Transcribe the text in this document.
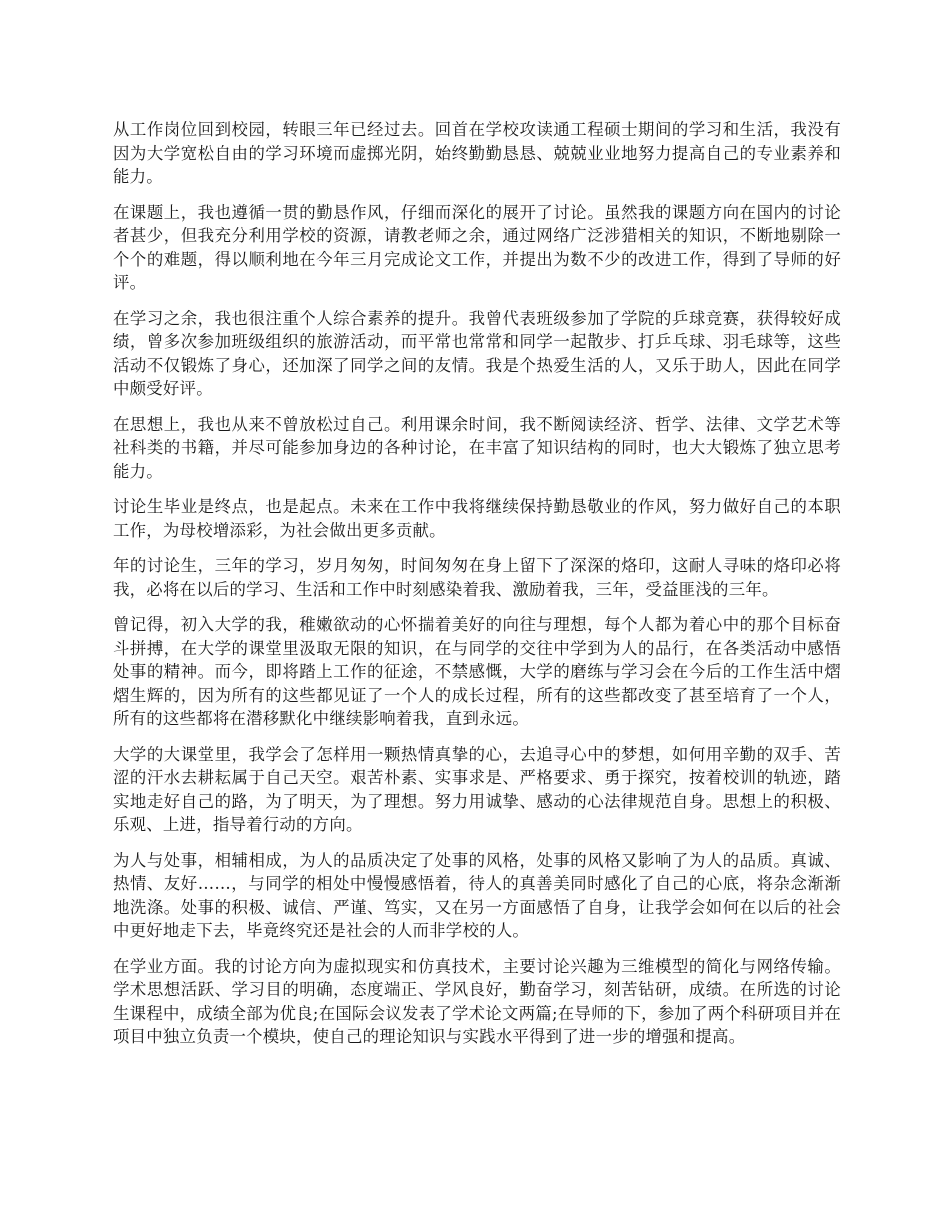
从工作岗位回到校园，转眼三年已经过去。回首在学校攻读通工程硕士期间的学习和生活，我没有因为大学宽松自由的学习环境而虚掷光阴，始终勤勤恳恳、兢兢业业地努力提高自己的专业素养和能力。

在课题上，我也遵循一贯的勤恳作风，仔细而深化的展开了讨论。虽然我的课题方向在国内的讨论者甚少，但我充分利用学校的资源，请教老师之余，通过网络广泛涉猎相关的知识，不断地剔除一个个的难题，得以顺利地在今年三月完成论文工作，并提出为数不少的改进工作，得到了导师的好评。

在学习之余，我也很注重个人综合素养的提升。我曾代表班级参加了学院的乒球竞赛，获得较好成绩，曾多次参加班级组织的旅游活动，而平常也常常和同学一起散步、打乒乓球、羽毛球等，这些活动不仅锻炼了身心，还加深了同学之间的友情。我是个热爱生活的人，又乐于助人，因此在同学中颇受好评。

在思想上，我也从来不曾放松过自己。利用课余时间，我不断阅读经济、哲学、法律、文学艺术等社科类的书籍，并尽可能参加身边的各种讨论，在丰富了知识结构的同时，也大大锻炼了独立思考能力。

讨论生毕业是终点，也是起点。未来在工作中我将继续保持勤恳敬业的作风，努力做好自己的本职工作，为母校增添彩，为社会做出更多贡献。

年的讨论生，三年的学习，岁月匆匆，时间匆匆在身上留下了深深的烙印，这耐人寻味的烙印必将我，必将在以后的学习、生活和工作中时刻感染着我、激励着我，三年，受益匪浅的三年。

曾记得，初入大学的我，稚嫩欲动的心怀揣着美好的向往与理想，每个人都为着心中的那个目标奋斗拼搏，在大学的课堂里汲取无限的知识，在与同学的交往中学到为人的品行，在各类活动中感悟处事的精神。而今，即将踏上工作的征途，不禁感慨，大学的磨练与学习会在今后的工作生活中熠熠生辉的，因为所有的这些都见证了一个人的成长过程，所有的这些都改变了甚至培育了一个人，所有的这些都将在潜移默化中继续影响着我，直到永远。

大学的大课堂里，我学会了怎样用一颗热情真挚的心，去追寻心中的梦想，如何用辛勤的双手、苦涩的汗水去耕耘属于自己天空。艰苦朴素、实事求是、严格要求、勇于探究，按着校训的轨迹，踏实地走好自己的路，为了明天，为了理想。努力用诚挚、感动的心法律规范自身。思想上的积极、乐观、上进，指导着行动的方向。

为人与处事，相辅相成，为人的品质决定了处事的风格，处事的风格又影响了为人的品质。真诚、热情、友好……，与同学的相处中慢慢感悟着，待人的真善美同时感化了自己的心底，将杂念渐渐地洗涤。处事的积极、诚信、严谨、笃实，又在另一方面感悟了自身，让我学会如何在以后的社会中更好地走下去，毕竟终究还是社会的人而非学校的人。

在学业方面。我的讨论方向为虚拟现实和仿真技术，主要讨论兴趣为三维模型的简化与网络传输。学术思想活跃、学习目的明确，态度端正、学风良好，勤奋学习，刻苦钻研，成绩。在所选的讨论生课程中，成绩全部为优良;在国际会议发表了学术论文两篇;在导师的下，参加了两个科研项目并在项目中独立负责一个模块，使自己的理论知识与实践水平得到了进一步的增强和提高。
